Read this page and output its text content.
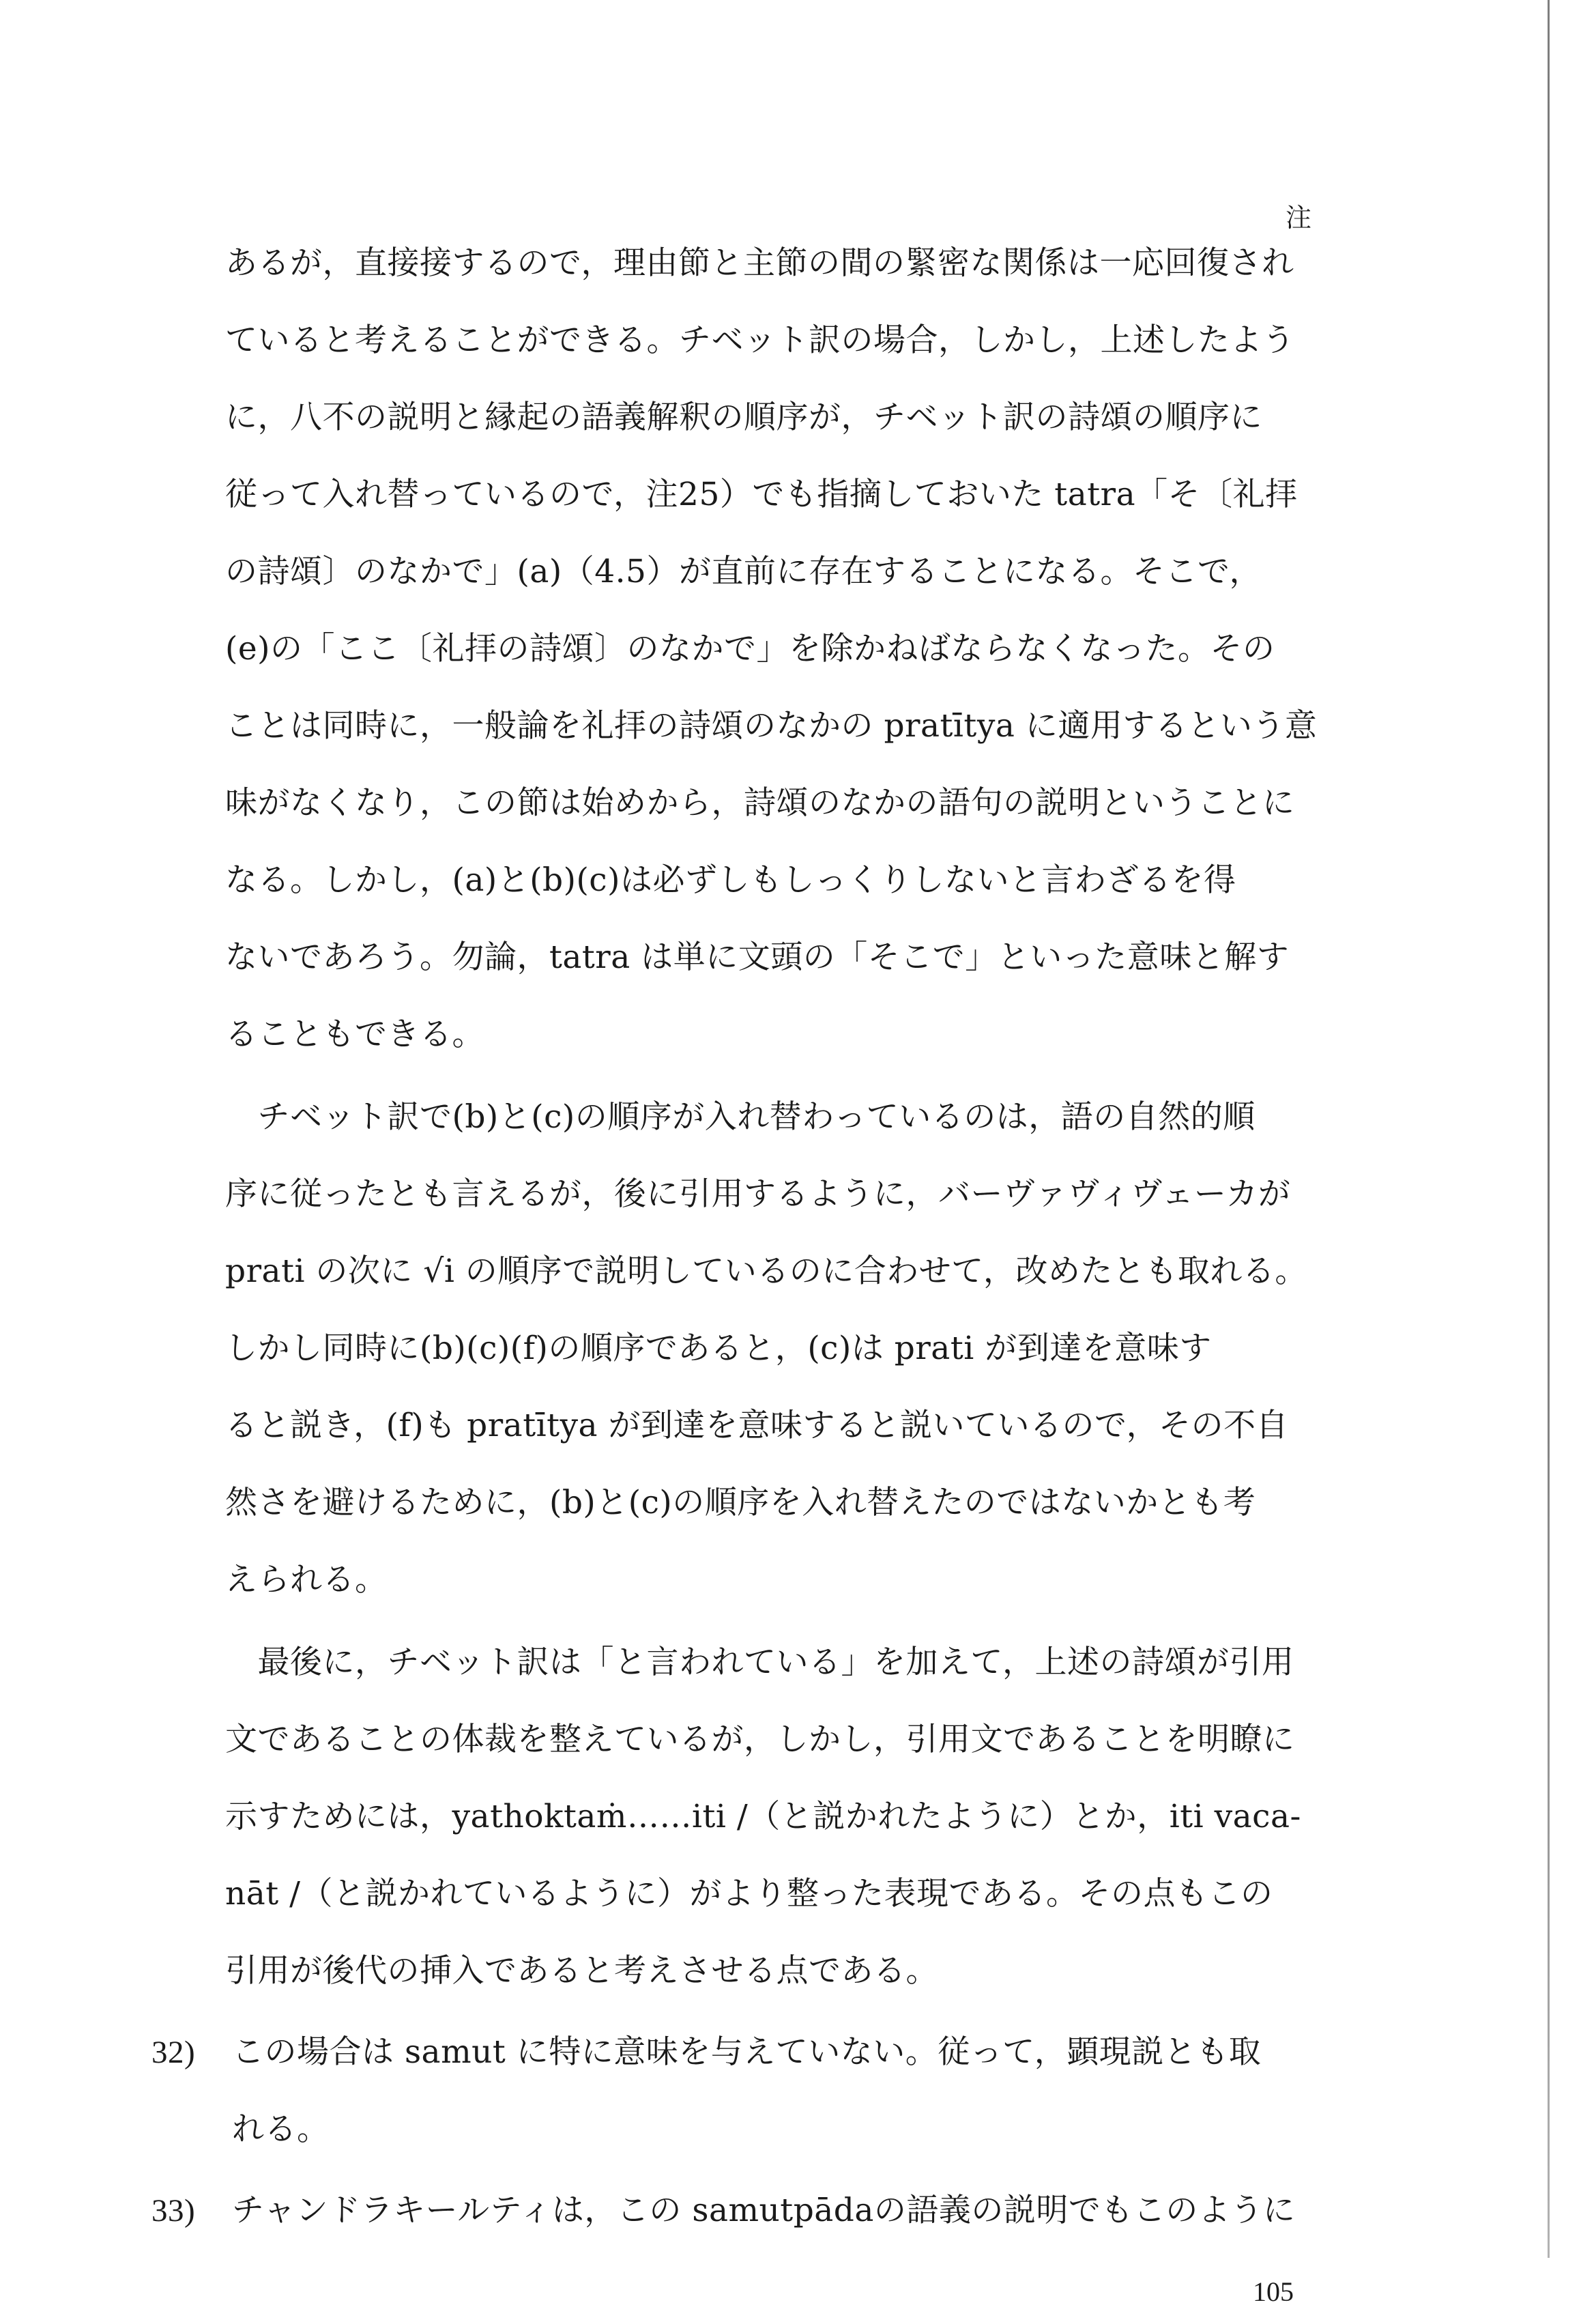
注
あるが，直接接するので，理由節と主節の間の緊密な関係は一応回復され
ていると考えることができる。チベット訳の場合，しかし，上述したよう
に，八不の説明と縁起の語義解釈の順序が，チベット訳の詩頌の順序に
従って入れ替っているので，注25）でも指摘しておいた tatra「そ〔礼拝
の詩頌〕のなかで」(a)（4.5）が直前に存在することになる。そこで，
(e)の「ここ〔礼拝の詩頌〕のなかで」を除かねばならなくなった。その
ことは同時に，一般論を礼拝の詩頌のなかの pratītya に適用するという意
味がなくなり，この節は始めから，詩頌のなかの語句の説明ということに
なる。しかし，(a)と(b)(c)は必ずしもしっくりしないと言わざるを得
ないであろう。勿論，tatra は単に文頭の「そこで」といった意味と解す
ることもできる。
　チベット訳で(b)と(c)の順序が入れ替わっているのは，語の自然的順
序に従ったとも言えるが，後に引用するように，バーヴァヴィヴェーカが
prati の次に √i の順序で説明しているのに合わせて，改めたとも取れる。
しかし同時に(b)(c)(f)の順序であると，(c)は prati が到達を意味す
ると説き，(f)も pratītya が到達を意味すると説いているので，その不自
然さを避けるために，(b)と(c)の順序を入れ替えたのではないかとも考
えられる。
　最後に，チベット訳は「と言われている」を加えて，上述の詩頌が引用
文であることの体裁を整えているが，しかし，引用文であることを明瞭に
示すためには，yathoktaṁ……iti /（と説かれたように）とか，iti vaca-
nāt /（と説かれているように）がより整った表現である。その点もこの
引用が後代の挿入であると考えさせる点である。
32) この場合は samut に特に意味を与えていない。従って，顕現説とも取
れる。
33) チャンドラキールティは，この samutpādaの語義の説明でもこのように
105
